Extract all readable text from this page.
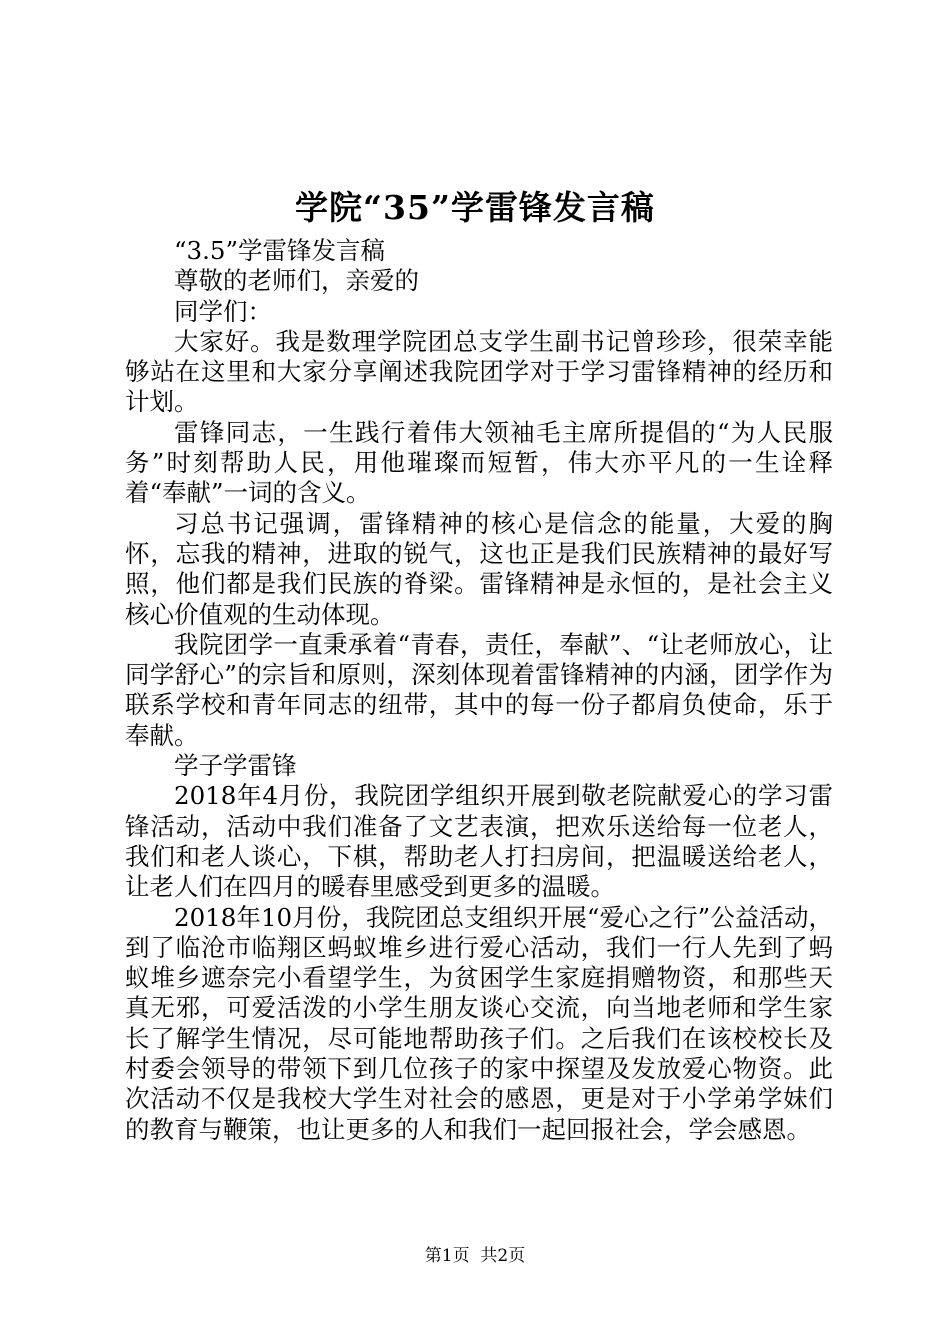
学院“35”学雷锋发言稿

“3.5”学雷锋发言稿

尊敬的老师们，亲爱的

同学们：

大家好。我是数理学院团总支学生副书记曾珍珍，很荣幸能够站在这里和大家分享阐述我院团学对于学习雷锋精神的经历和计划。

雷锋同志，一生践行着伟大领袖毛主席所提倡的“为人民服务”时刻帮助人民，用他璀璨而短暂，伟大亦平凡的一生诠释着“奉献”一词的含义。

习总书记强调，雷锋精神的核心是信念的能量，大爱的胸怀，忘我的精神，进取的锐气，这也正是我们民族精神的最好写照，他们都是我们民族的脊梁。雷锋精神是永恒的，是社会主义核心价值观的生动体现。

我院团学一直秉承着“青春，责任，奉献”、“让老师放心，让同学舒心”的宗旨和原则，深刻体现着雷锋精神的内涵，团学作为联系学校和青年同志的纽带，其中的每一份子都肩负使命，乐于奉献。

学子学雷锋

2018年4月份，我院团学组织开展到敬老院献爱心的学习雷锋活动，活动中我们准备了文艺表演，把欢乐送给每一位老人，我们和老人谈心，下棋，帮助老人打扫房间，把温暖送给老人，让老人们在四月的暖春里感受到更多的温暖。

2018年10月份，我院团总支组织开展“爱心之行”公益活动，到了临沧市临翔区蚂蚁堆乡进行爱心活动，我们一行人先到了蚂蚁堆乡遮奈完小看望学生，为贫困学生家庭捐赠物资，和那些天真无邪，可爱活泼的小学生朋友谈心交流，向当地老师和学生家长了解学生情况，尽可能地帮助孩子们。之后我们在该校校长及村委会领导的带领下到几位孩子的家中探望及发放爱心物资。此次活动不仅是我校大学生对社会的感恩，更是对于小学弟学妹们的教育与鞭策，也让更多的人和我们一起回报社会，学会感恩。

第1页 共2页
